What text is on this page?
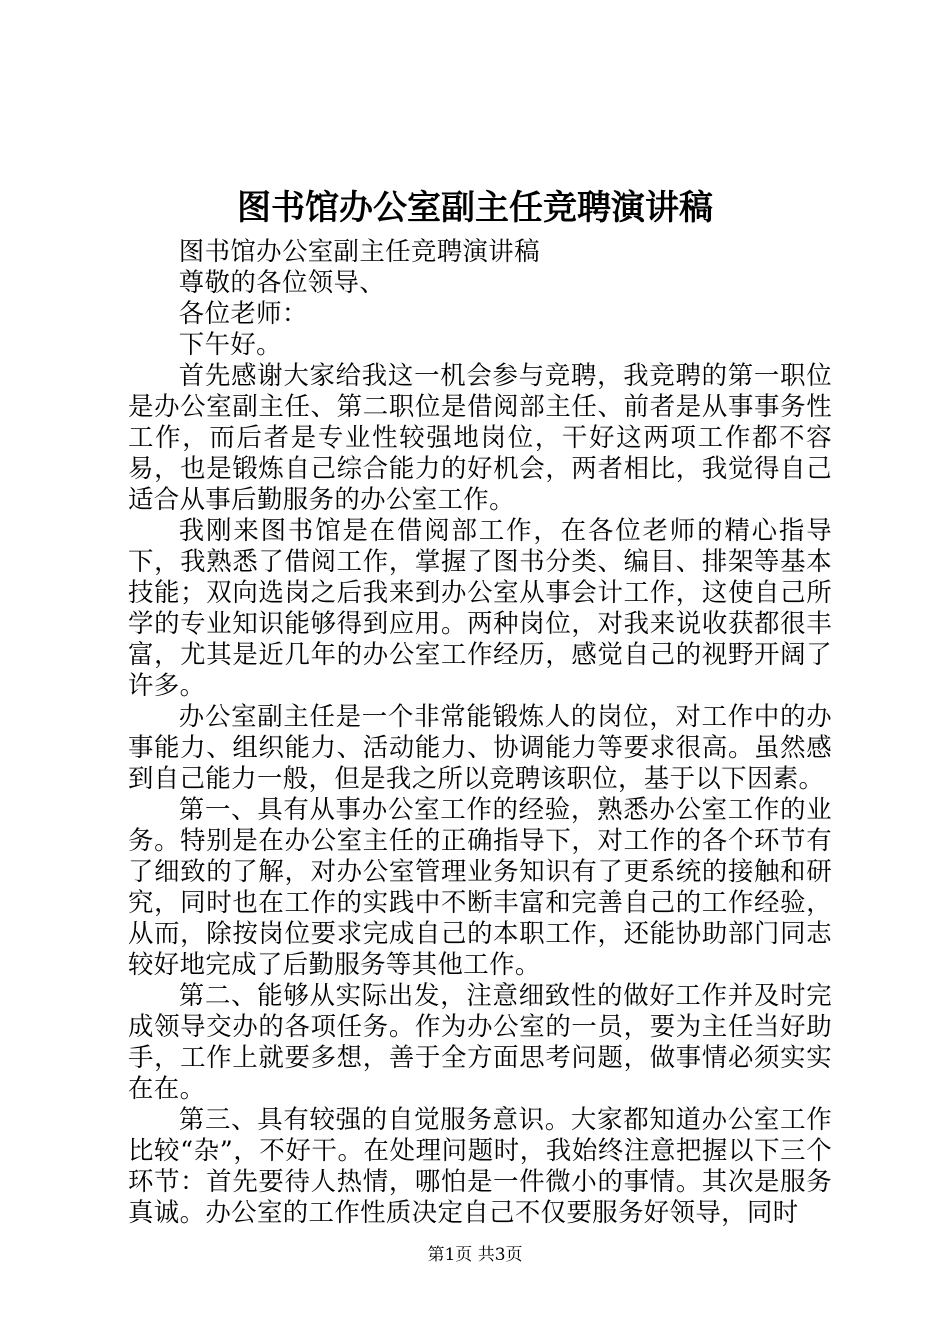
图书馆办公室副主任竞聘演讲稿

图书馆办公室副主任竞聘演讲稿

尊敬的各位领导、

各位老师：

下午好。

首先感谢大家给我这一机会参与竞聘，我竞聘的第一职位是办公室副主任、第二职位是借阅部主任、前者是从事事务性工作，而后者是专业性较强地岗位，干好这两项工作都不容易，也是锻炼自己综合能力的好机会，两者相比，我觉得自己适合从事后勤服务的办公室工作。

我刚来图书馆是在借阅部工作，在各位老师的精心指导下，我熟悉了借阅工作，掌握了图书分类、编目、排架等基本技能；双向选岗之后我来到办公室从事会计工作，这使自己所学的专业知识能够得到应用。两种岗位，对我来说收获都很丰富，尤其是近几年的办公室工作经历，感觉自己的视野开阔了许多。

办公室副主任是一个非常能锻炼人的岗位，对工作中的办事能力、组织能力、活动能力、协调能力等要求很高。虽然感到自己能力一般，但是我之所以竞聘该职位，基于以下因素。

第一、具有从事办公室工作的经验，熟悉办公室工作的业务。特别是在办公室主任的正确指导下，对工作的各个环节有了细致的了解，对办公室管理业务知识有了更系统的接触和研究，同时也在工作的实践中不断丰富和完善自己的工作经验，从而，除按岗位要求完成自己的本职工作，还能协助部门同志较好地完成了后勤服务等其他工作。

第二、能够从实际出发，注意细致性的做好工作并及时完成领导交办的各项任务。作为办公室的一员，要为主任当好助手，工作上就要多想，善于全方面思考问题，做事情必须实实在在。

第三、具有较强的自觉服务意识。大家都知道办公室工作比较“杂”，不好干。在处理问题时，我始终注意把握以下三个环节：首先要待人热情，哪怕是一件微小的事情。其次是服务真诚。办公室的工作性质决定自己不仅要服务好领导，同时

第1页 共3页
